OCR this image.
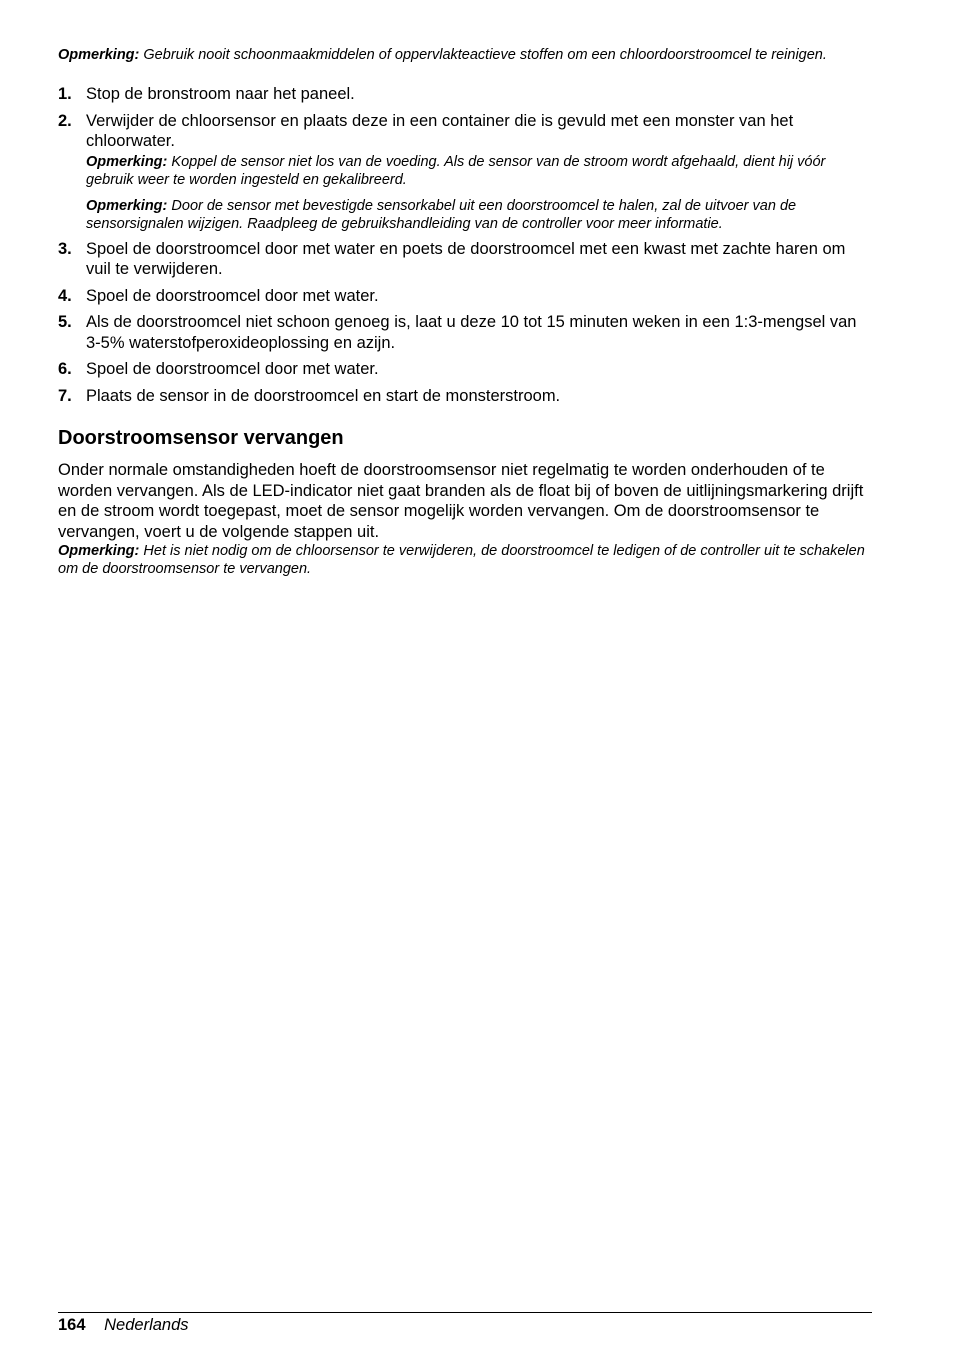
Opmerking: Gebruik nooit schoonmaakmiddelen of oppervlakteactieve stoffen om een chloordoorstroomcel te reinigen.

1. Stop de bronstroom naar het paneel.
2. Verwijder de chloorsensor en plaats deze in een container die is gevuld met een monster van het chloorwater.

Opmerking: Koppel de sensor niet los van de voeding. Als de sensor van de stroom wordt afgehaald, dient hij vóór gebruik weer te worden ingesteld en gekalibreerd.

Opmerking: Door de sensor met bevestigde sensorkabel uit een doorstroomcel te halen, zal de uitvoer van de sensorsignalen wijzigen. Raadpleeg de gebruikshandleiding van de controller voor meer informatie.

3. Spoel de doorstroomcel door met water en poets de doorstroomcel met een kwast met zachte haren om vuil te verwijderen.
4. Spoel de doorstroomcel door met water.
5. Als de doorstroomcel niet schoon genoeg is, laat u deze 10 tot 15 minuten weken in een 1:3-mengsel van 3-5% waterstofperoxideoplossing en azijn.
6. Spoel de doorstroomcel door met water.
7. Plaats de sensor in de doorstroomcel en start de monsterstroom.
Doorstroomsensor vervangen

Onder normale omstandigheden hoeft de doorstroomsensor niet regelmatig te worden onderhouden of te worden vervangen. Als de LED-indicator niet gaat branden als de float bij of boven de uitlijningsmarkering drijft en de stroom wordt toegepast, moet de sensor mogelijk worden vervangen. Om de doorstroomsensor te vervangen, voert u de volgende stappen uit.

Opmerking: Het is niet nodig om de chloorsensor te verwijderen, de doorstroomcel te ledigen of de controller uit te schakelen om de doorstroomsensor te vervangen.

164 Nederlands
